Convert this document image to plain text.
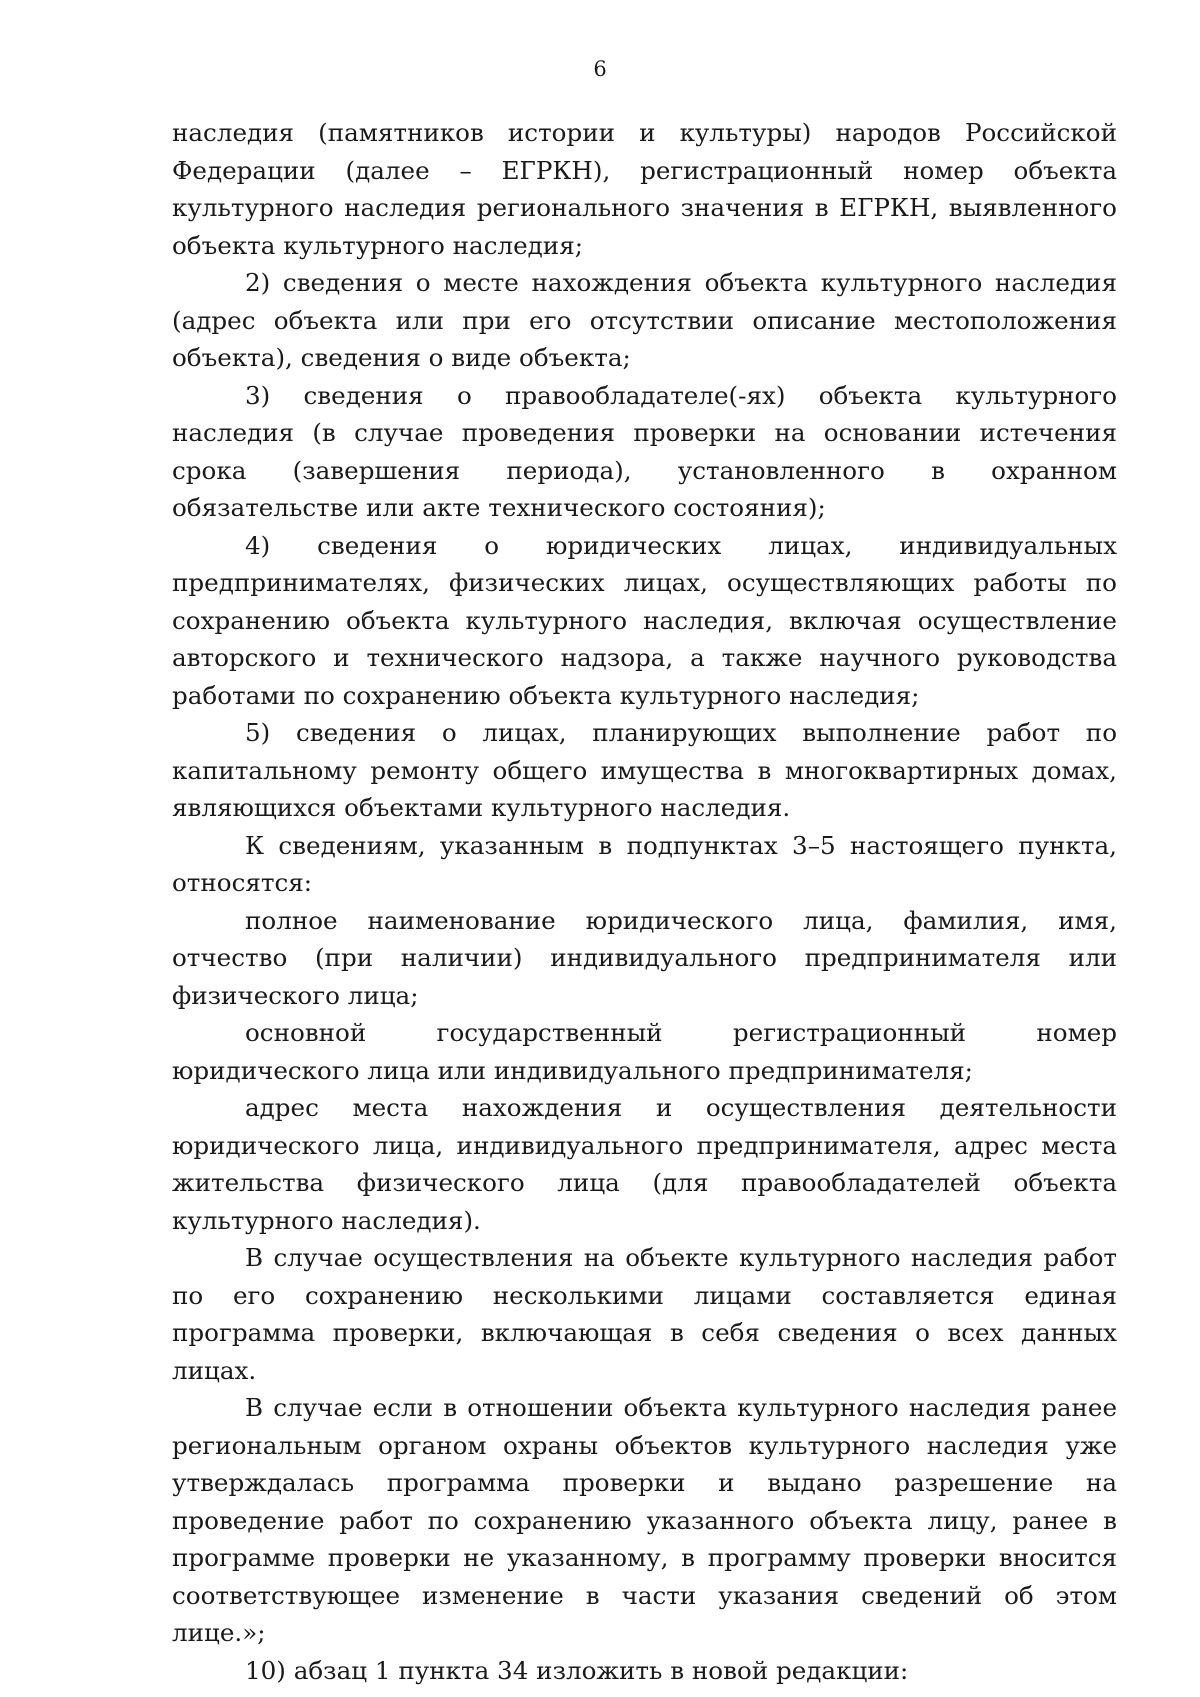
6

наследия (памятников истории и культуры) народов Российской Федерации (далее – ЕГРКН), регистрационный номер объекта культурного наследия регионального значения в ЕГРКН, выявленного объекта культурного наследия;

2) сведения о месте нахождения объекта культурного наследия (адрес объекта или при его отсутствии описание местоположения объекта), сведения о виде объекта;

3) сведения о правообладателе(-ях) объекта культурного наследия (в случае проведения проверки на основании истечения срока (завершения периода), установленного в охранном обязательстве или акте технического состояния);

4) сведения о юридических лицах, индивидуальных предпринимателях, физических лицах, осуществляющих работы по сохранению объекта культурного наследия, включая осуществление авторского и технического надзора, а также научного руководства работами по сохранению объекта культурного наследия;

5) сведения о лицах, планирующих выполнение работ по капитальному ремонту общего имущества в многоквартирных домах, являющихся объектами культурного наследия.

К сведениям, указанным в подпунктах 3–5 настоящего пункта, относятся:

полное наименование юридического лица, фамилия, имя, отчество (при наличии) индивидуального предпринимателя или физического лица;

основной государственный регистрационный номер юридического лица или индивидуального предпринимателя;

адрес места нахождения и осуществления деятельности юридического лица, индивидуального предпринимателя, адрес места жительства физического лица (для правообладателей объекта культурного наследия).

В случае осуществления на объекте культурного наследия работ по его сохранению несколькими лицами составляется единая программа проверки, включающая в себя сведения о всех данных лицах.

В случае если в отношении объекта культурного наследия ранее региональным органом охраны объектов культурного наследия уже утверждалась программа проверки и выдано разрешение на проведение работ по сохранению указанного объекта лицу, ранее в программе проверки не указанному, в программу проверки вносится соответствующее изменение в части указания сведений об этом лице.»;

10) абзац 1 пункта 34 изложить в новой редакции:
